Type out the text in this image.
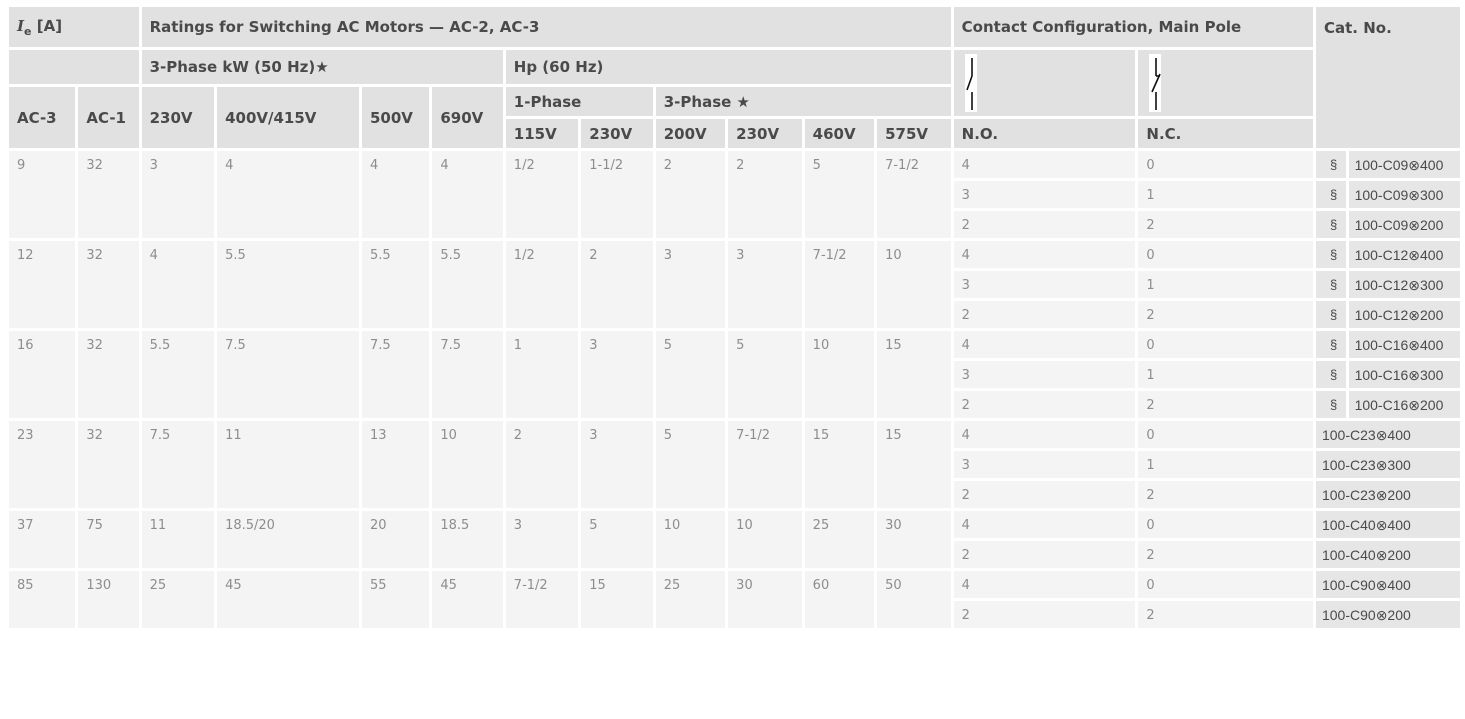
$I_e$ [A]		Ratings for Switching AC Motors — AC-2, AC-3										Contact Configuration, Main Pole		Cat. No.	
		3-Phase kW (50 Hz)★				Hp (60 Hz)		
AC-3	AC-1	230V	400V/415V	500V	690V	1-Phase		3-Phase ★							
						115V	230V	200V	230V	460V	575V	N.O.	N.C.		
9	32	3	4	4	4	1/2	1-1/2	2	2	5	7-1/2	4	0	§	100-C09⊗400
												3	1	§	100-C09⊗300
												2	2	§	100-C09⊗200
12	32	4	5.5	5.5	5.5	1/2	2	3	3	7-1/2	10	4	0	§	100-C12⊗400
												3	1	§	100-C12⊗300
												2	2	§	100-C12⊗200
16	32	5.5	7.5	7.5	7.5	1	3	5	5	10	15	4	0	§	100-C16⊗400
												3	1	§	100-C16⊗300
												2	2	§	100-C16⊗200
23	32	7.5	11	13	10	2	3	5	7-1/2	15	15	4	0	100-C23⊗400	
												3	1	100-C23⊗300	
												2	2	100-C23⊗200	
37	75	11	18.5/20	20	18.5	3	5	10	10	25	30	4	0	100-C40⊗400	
												2	2	100-C40⊗200	
85	130	25	45	55	45	7-1/2	15	25	30	60	50	4	0	100-C90⊗400	
												2	2	100-C90⊗200	
